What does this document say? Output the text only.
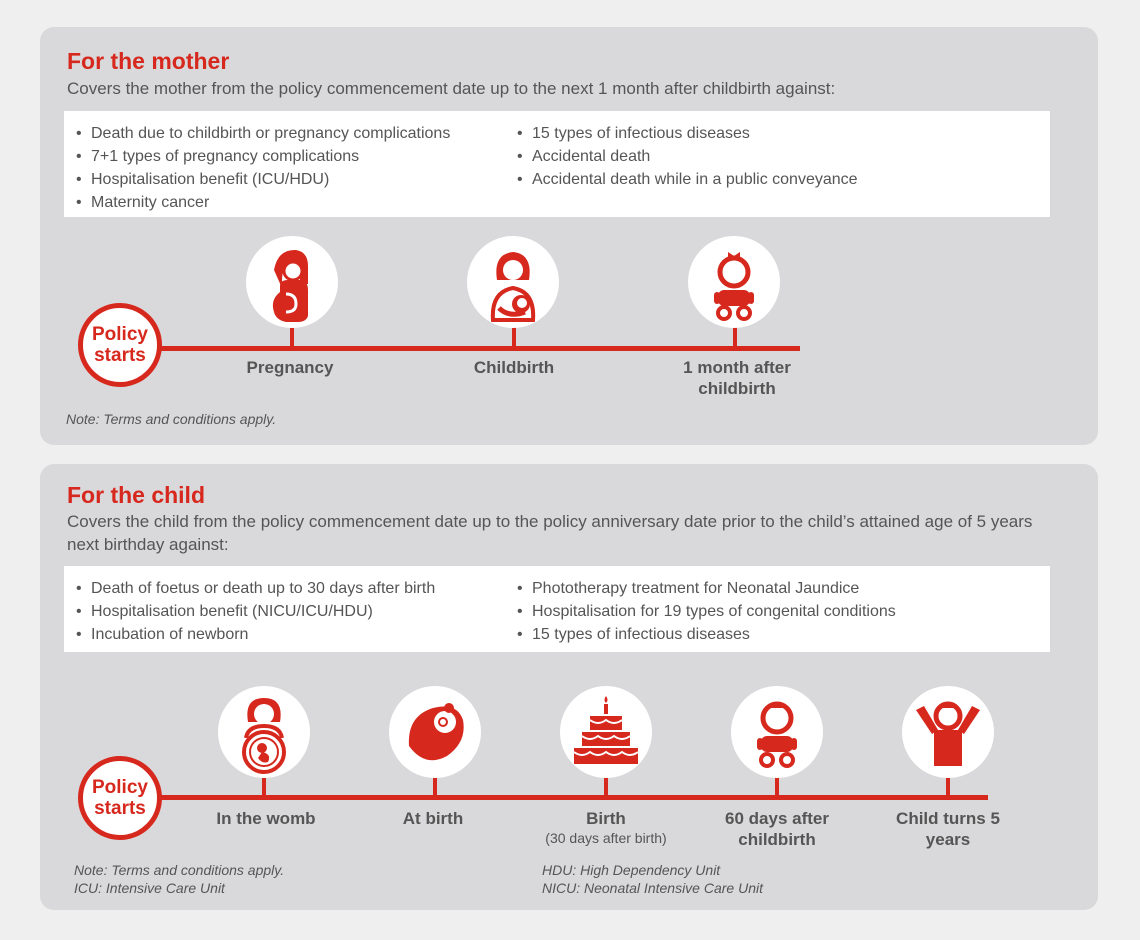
For the mother
Covers the mother from the policy commencement date up to the next 1 month after childbirth against:
• Death due to childbirth or pregnancy complications
• 7+1 types of pregnancy complications
• Hospitalisation benefit (ICU/HDU)
• Maternity cancer
• 15 types of infectious diseases
• Accidental death
• Accidental death while in a public conveyance
Policy
starts
Pregnancy	Childbirth	1 month after childbirth
Note: Terms and conditions apply.
For the child
Covers the child from the policy commencement date up to the policy anniversary date prior to the child’s attained age of 5 years next birthday against:
• Death of foetus or death up to 30 days after birth
• Hospitalisation benefit (NICU/ICU/HDU)
• Incubation of newborn
• Phototherapy treatment for Neonatal Jaundice
• Hospitalisation for 19 types of congenital conditions
• 15 types of infectious diseases
Policy
starts	In the womb	At birth	Birth
(30 days after birth)
60 days after childbirth
Child turns 5 years
Note: Terms and conditions apply.
ICU: Intensive Care Unit
HDU: High Dependency Unit
NICU: Neonatal Intensive Care Unit
